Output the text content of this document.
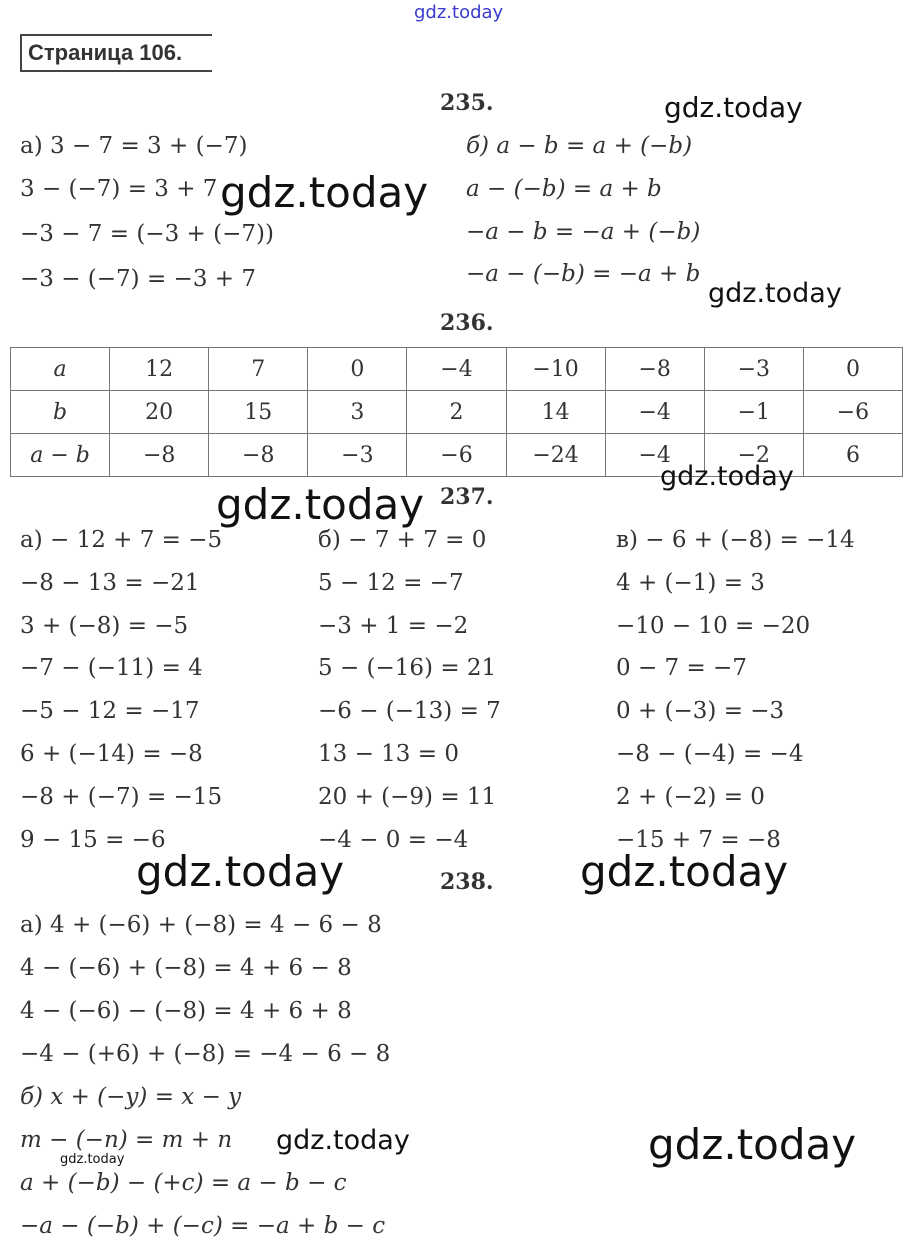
gdz.today
Страница 106.
235.
а) 3 − 7 = 3 + (−7)
3 − (−7) = 3 + 7
−3 − 7 = (−3 + (−7))
−3 − (−7) = −3 + 7
б) a − b = a + (−b)
a − (−b) = a + b
−a − b = −a + (−b)
−a − (−b) = −a + b
236.
a	12	7	0	−4	−10	−8	−3	0
b	20	15	3	2	14	−4	−1	−6
a − b	−8	−8	−3	−6	−24	−4	−2	6
237.
а) − 12 + 7 = −5
−8 − 13 = −21
3 + (−8) = −5
−7 − (−11) = 4
−5 − 12 = −17
6 + (−14) = −8
−8 + (−7) = −15
9 − 15 = −6
б) − 7 + 7 = 0
5 − 12 = −7
−3 + 1 = −2
5 − (−16) = 21
−6 − (−13) = 7
13 − 13 = 0
20 + (−9) = 11
−4 − 0 = −4
в) − 6 + (−8) = −14
4 + (−1) = 3
−10 − 10 = −20
0 − 7 = −7
0 + (−3) = −3
−8 − (−4) = −4
2 + (−2) = 0
−15 + 7 = −8
238.
а) 4 + (−6) + (−8) = 4 − 6 − 8
4 − (−6) + (−8) = 4 + 6 − 8
4 − (−6) − (−8) = 4 + 6 + 8
−4 − (+6) + (−8) = −4 − 6 − 8
б) x + (−y) = x − y
m − (−n) = m + n
a + (−b) − (+c) = a − b − c
−a − (−b) + (−c) = −a + b − c
gdz.today
gdz.today
gdz.today
gdz.today
gdz.today
gdz.today	gdz.today
gdz.today
gdz.today	gdz.today
